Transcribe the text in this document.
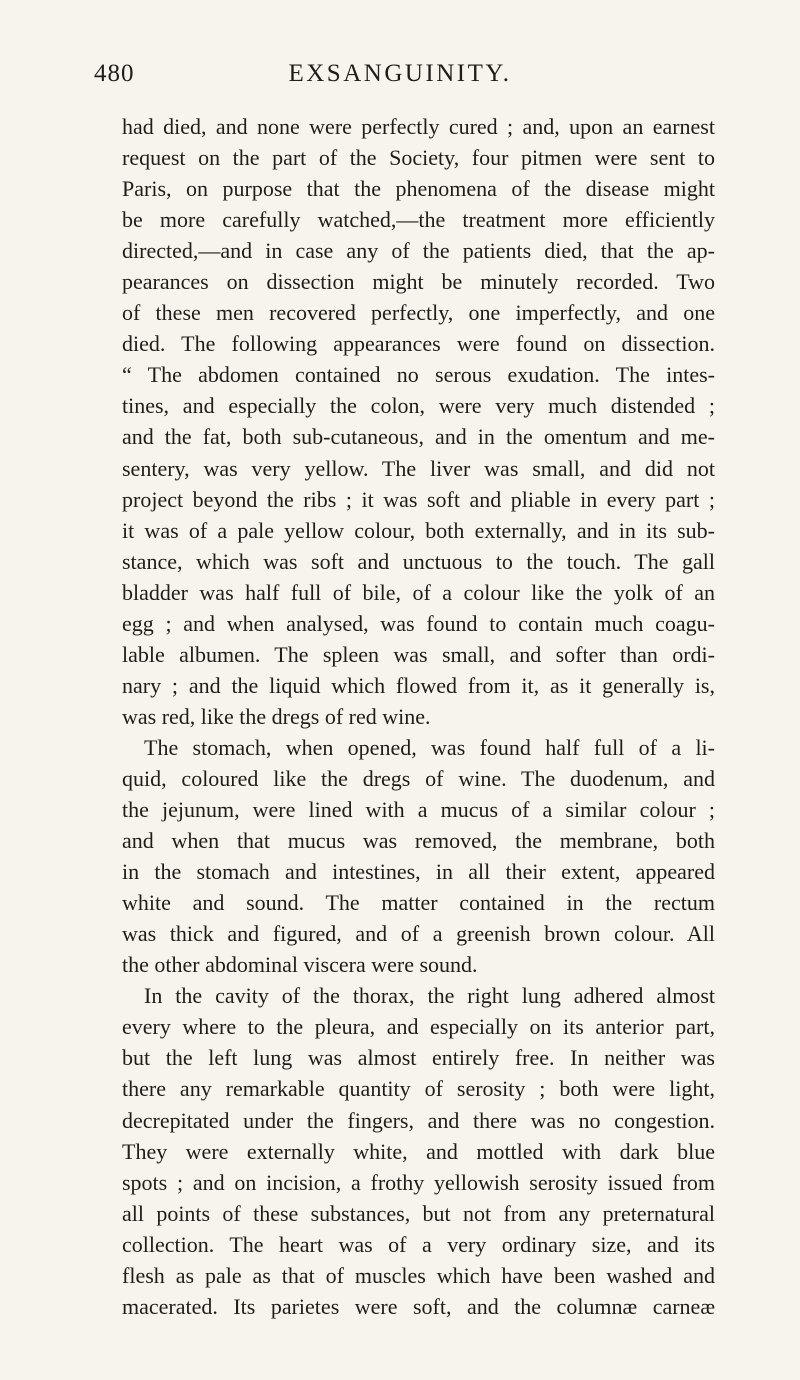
480	EXSANGUINITY.
had died, and none were perfectly cured ; and, upon an earnest
request on the part of the Society, four pitmen were sent to
Paris, on purpose that the phenomena of the disease might
be more carefully watched,—the treatment more efficiently
directed,—and in case any of the patients died, that the ap-
pearances on dissection might be minutely recorded. Two
of these men recovered perfectly, one imperfectly, and one
died. The following appearances were found on dissection.
“ The abdomen contained no serous exudation. The intes-
tines, and especially the colon, were very much distended ;
and the fat, both sub-cutaneous, and in the omentum and me-
sentery, was very yellow. The liver was small, and did not
project beyond the ribs ; it was soft and pliable in every part ;
it was of a pale yellow colour, both externally, and in its sub-
stance, which was soft and unctuous to the touch. The gall
bladder was half full of bile, of a colour like the yolk of an
egg ; and when analysed, was found to contain much coagu-
lable albumen. The spleen was small, and softer than ordi-
nary ; and the liquid which flowed from it, as it generally is,
was red, like the dregs of red wine.
The stomach, when opened, was found half full of a li-
quid, coloured like the dregs of wine. The duodenum, and
the jejunum, were lined with a mucus of a similar colour ;
and when that mucus was removed, the membrane, both
in the stomach and intestines, in all their extent, appeared
white and sound. The matter contained in the rectum
was thick and figured, and of a greenish brown colour. All
the other abdominal viscera were sound.
In the cavity of the thorax, the right lung adhered almost
every where to the pleura, and especially on its anterior part,
but the left lung was almost entirely free. In neither was
there any remarkable quantity of serosity ; both were light,
decrepitated under the fingers, and there was no congestion.
They were externally white, and mottled with dark blue
spots ; and on incision, a frothy yellowish serosity issued from
all points of these substances, but not from any preternatural
collection. The heart was of a very ordinary size, and its
flesh as pale as that of muscles which have been washed and
macerated. Its parietes were soft, and the columnæ carneæ
